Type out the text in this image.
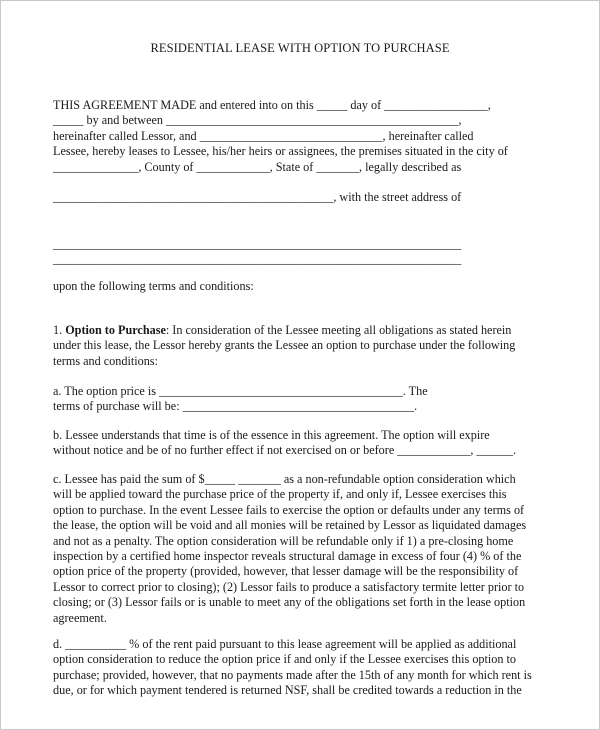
RESIDENTIAL LEASE WITH OPTION TO PURCHASE
THIS AGREEMENT MADE and entered into on this _____ day of _________________,
_____ by and between ________________________________________________,
hereinafter called Lessor, and ______________________________, hereinafter called
Lessee, hereby leases to Lessee, his/her heirs or assignees, the premises situated in the city of
______________, County of ____________, State of _______, legally described as
______________________________________________, with the street address of
___________________________________________________________________
___________________________________________________________________
upon the following terms and conditions:
1. Option to Purchase: In consideration of the Lessee meeting all obligations as stated herein
under this lease, the Lessor hereby grants the Lessee an option to purchase under the following
terms and conditions:
a. The option price is ________________________________________. The
terms of purchase will be: ______________________________________.
b. Lessee understands that time is of the essence in this agreement. The option will expire
without notice and be of no further effect if not exercised on or before ____________, ______.
c. Lessee has paid the sum of $_____ _______ as a non-refundable option consideration which
will be applied toward the purchase price of the property if, and only if, Lessee exercises this
option to purchase. In the event Lessee fails to exercise the option or defaults under any terms of
the lease, the option will be void and all monies will be retained by Lessor as liquidated damages
and not as a penalty. The option consideration will be refundable only if 1) a pre-closing home
inspection by a certified home inspector reveals structural damage in excess of four (4) % of the
option price of the property (provided, however, that lesser damage will be the responsibility of
Lessor to correct prior to closing); (2) Lessor fails to produce a satisfactory termite letter prior to
closing; or (3) Lessor fails or is unable to meet any of the obligations set forth in the lease option
agreement.
d. __________ % of the rent paid pursuant to this lease agreement will be applied as additional
option consideration to reduce the option price if and only if the Lessee exercises this option to
purchase; provided, however, that no payments made after the 15th of any month for which rent is
due, or for which payment tendered is returned NSF, shall be credited towards a reduction in the
